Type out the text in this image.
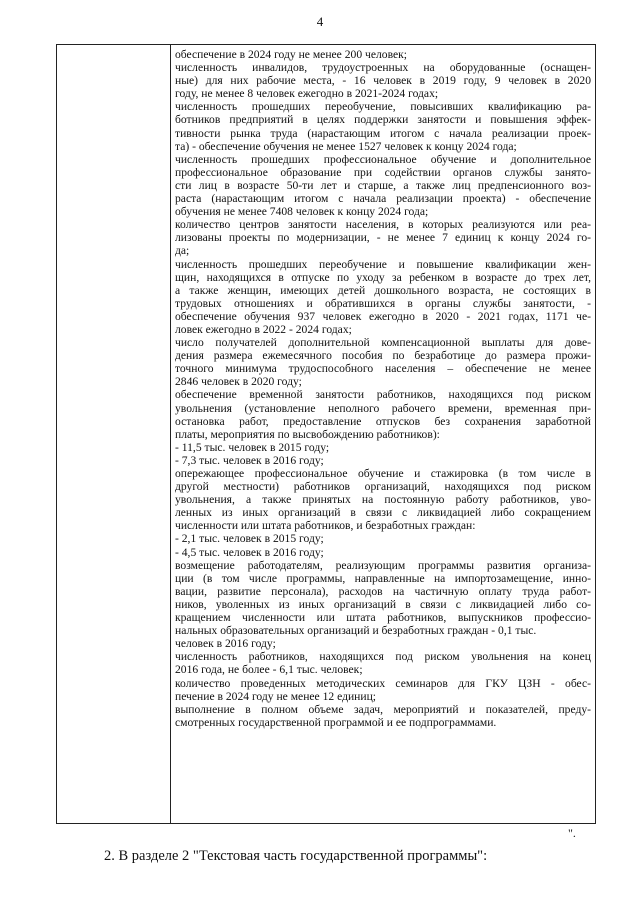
4
обеспечение в 2024 году не менее 200 человек;
численность инвалидов, трудоустроенных на оборудованные (оснащен-
ные) для них рабочие места, - 16 человек в 2019 году, 9 человек в 2020
году, не менее 8 человек ежегодно в 2021-2024 годах;
численность прошедших переобучение, повысивших квалификацию ра-
ботников предприятий в целях поддержки занятости и повышения эффек-
тивности рынка труда (нарастающим итогом с начала реализации проек-
та) - обеспечение обучения не менее 1527 человек к концу 2024 года;
численность прошедших профессиональное обучение и дополнительное
профессиональное образование при содействии органов службы занято-
сти лиц в возрасте 50-ти лет и старше, а также лиц предпенсионного воз-
раста (нарастающим итогом с начала реализации проекта) - обеспечение
обучения не менее 7408 человек к концу 2024 года;
количество центров занятости населения, в которых реализуются или реа-
лизованы проекты по модернизации, - не менее 7 единиц к концу 2024 го-
да;
численность прошедших переобучение и повышение квалификации жен-
щин, находящихся в отпуске по уходу за ребенком в возрасте до трех лет,
а также женщин, имеющих детей дошкольного возраста, не состоящих в
трудовых отношениях и обратившихся в органы службы занятости, -
обеспечение обучения 937 человек ежегодно в 2020 - 2021 годах, 1171 че-
ловек ежегодно в 2022 - 2024 годах;
число получателей дополнительной компенсационной выплаты для дове-
дения размера ежемесячного пособия по безработице до размера прожи-
точного минимума трудоспособного населения – обеспечение не менее
2846 человек в 2020 году;
обеспечение временной занятости работников, находящихся под риском
увольнения (установление неполного рабочего времени, временная при-
остановка работ, предоставление отпусков без сохранения заработной
платы, мероприятия по высвобождению работников):
- 11,5 тыс. человек в 2015 году;
- 7,3 тыс. человек в 2016 году;
опережающее профессиональное обучение и стажировка (в том числе в
другой местности) работников организаций, находящихся под риском
увольнения, а также принятых на постоянную работу работников, уво-
ленных из иных организаций в связи с ликвидацией либо сокращением
численности или штата работников, и безработных граждан:
- 2,1 тыс. человек в 2015 году;
- 4,5 тыс. человек в 2016 году;
возмещение работодателям, реализующим программы развития организа-
ции (в том числе программы, направленные на импортозамещение, инно-
вации, развитие персонала), расходов на частичную оплату труда работ-
ников, уволенных из иных организаций в связи с ликвидацией либо со-
кращением численности или штата работников, выпускников профессио-
нальных образовательных организаций и безработных граждан - 0,1 тыс.
человек в 2016 году;
численность работников, находящихся под риском увольнения на конец
2016 года, не более - 6,1 тыс. человек;
количество проведенных методических семинаров для ГКУ ЦЗН - обес-
печение в 2024 году не менее 12 единиц;
выполнение в полном объеме задач, мероприятий и показателей, преду-
смотренных государственной программой и ее подпрограммами.
".
2. В разделе 2 "Текстовая часть государственной программы":
